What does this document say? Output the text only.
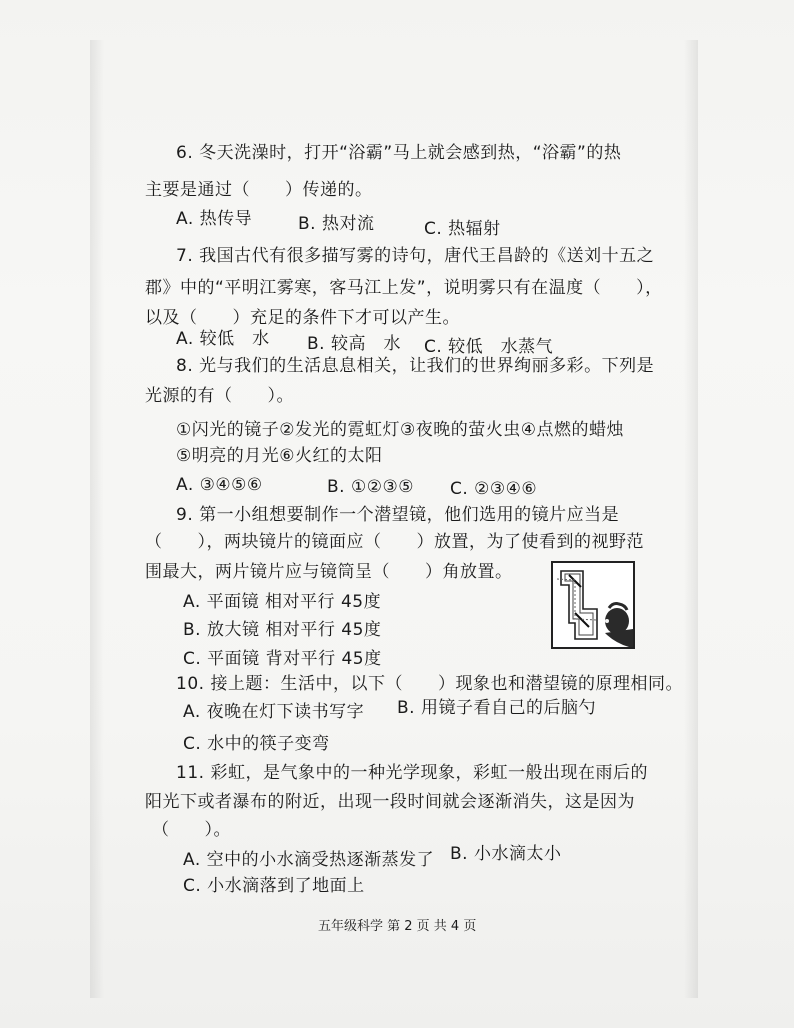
6. 冬天洗澡时，打开“浴霸”马上就会感到热，“浴霸”的热
主要是通过（　　）传递的。
A. 热传导	B. 热对流	C. 热辐射
7. 我国古代有很多描写雾的诗句，唐代王昌龄的《送刘十五之
郡》中的“平明江雾寒，客马江上发”，说明雾只有在温度（　　），
以及（　　）充足的条件下才可以产生。
A. 较低　水 B. 较高　水 C. 较低　水蒸气
8. 光与我们的生活息息相关，让我们的世界绚丽多彩。下列是
光源的有（　　）。
①闪光的镜子②发光的霓虹灯③夜晚的萤火虫④点燃的蜡烛
⑤明亮的月光⑥火红的太阳
A. ③④⑤⑥	B. ①②③⑤ C. ②③④⑥
9. 第一小组想要制作一个潜望镜，他们选用的镜片应当是
（　　），两块镜片的镜面应（　　）放置，为了使看到的视野范
围最大，两片镜片应与镜筒呈（　　）角放置。
A. 平面镜 相对平行 45度
B. 放大镜 相对平行 45度
C. 平面镜 背对平行 45度
10. 接上题：生活中，以下（　　）现象也和潜望镜的原理相同。
A. 夜晚在灯下读书写字 B. 用镜子看自己的后脑勺
C. 水中的筷子变弯
11. 彩虹，是气象中的一种光学现象，彩虹一般出现在雨后的
阳光下或者瀑布的附近，出现一段时间就会逐渐消失，这是因为
（　　）。
A. 空中的小水滴受热逐渐蒸发了 B. 小水滴太小
C. 小水滴落到了地面上
五年级科学 第 2 页 共 4 页
